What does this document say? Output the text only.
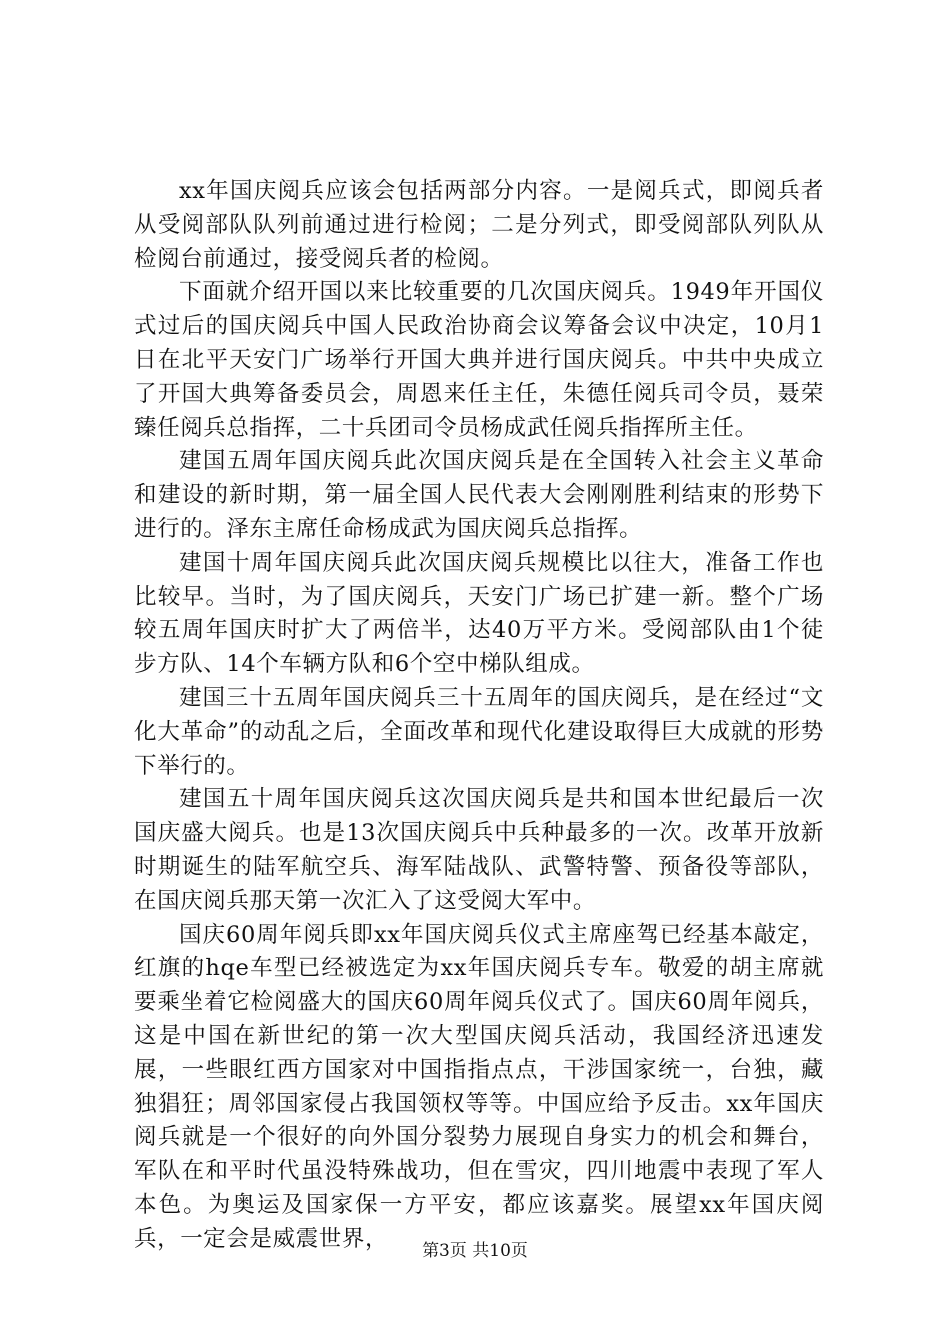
xx年国庆阅兵应该会包括两部分内容。一是阅兵式，即阅兵者从受阅部队队列前通过进行检阅；二是分列式，即受阅部队列队从检阅台前通过，接受阅兵者的检阅。

下面就介绍开国以来比较重要的几次国庆阅兵。1949年开国仪式过后的国庆阅兵中国人民政治协商会议筹备会议中决定，10月1日在北平天安门广场举行开国大典并进行国庆阅兵。中共中央成立了开国大典筹备委员会，周恩来任主任，朱德任阅兵司令员，聂荣臻任阅兵总指挥，二十兵团司令员杨成武任阅兵指挥所主任。

建国五周年国庆阅兵此次国庆阅兵是在全国转入社会主义革命和建设的新时期，第一届全国人民代表大会刚刚胜利结束的形势下进行的。泽东主席任命杨成武为国庆阅兵总指挥。

建国十周年国庆阅兵此次国庆阅兵规模比以往大，准备工作也比较早。当时，为了国庆阅兵，天安门广场已扩建一新。整个广场较五周年国庆时扩大了两倍半，达40万平方米。受阅部队由1个徒步方队、14个车辆方队和6个空中梯队组成。

建国三十五周年国庆阅兵三十五周年的国庆阅兵，是在经过“文化大革命”的动乱之后，全面改革和现代化建设取得巨大成就的形势下举行的。

建国五十周年国庆阅兵这次国庆阅兵是共和国本世纪最后一次国庆盛大阅兵。也是13次国庆阅兵中兵种最多的一次。改革开放新时期诞生的陆军航空兵、海军陆战队、武警特警、预备役等部队，在国庆阅兵那天第一次汇入了这受阅大军中。

国庆60周年阅兵即xx年国庆阅兵仪式主席座驾已经基本敲定，红旗的hqe车型已经被选定为xx年国庆阅兵专车。敬爱的胡主席就要乘坐着它检阅盛大的国庆60周年阅兵仪式了。国庆60周年阅兵，这是中国在新世纪的第一次大型国庆阅兵活动，我国经济迅速发展，一些眼红西方国家对中国指指点点，干涉国家统一，台独，藏独猖狂；周邻国家侵占我国领权等等。中国应给予反击。xx年国庆阅兵就是一个很好的向外国分裂势力展现自身实力的机会和舞台，军队在和平时代虽没特殊战功，但在雪灾，四川地震中表现了军人本色。为奥运及国家保一方平安，都应该嘉奖。展望xx年国庆阅兵，一定会是威震世界，	第3页 共10页
